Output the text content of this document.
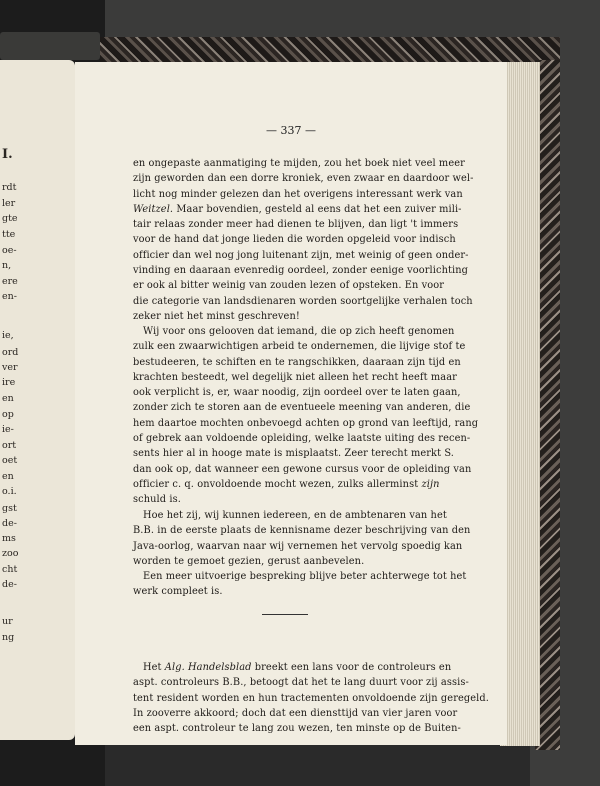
I.
rdt
ler
gte
tte
oe-
n,
ere
en-
ie,
ord
ver
ire
en
op
ie-
ort
oet
en
o.i.
gst
de-
ms
zoo
cht
de-
ur
ng
— 337 —
en ongepaste aanmatiging te mijden, zou het boek niet veel meer
zijn geworden dan een dorre kroniek, even zwaar en daardoor wel-
licht nog minder gelezen dan het overigens interessant werk van
Weitzel. Maar bovendien, gesteld al eens dat het een zuiver mili-
tair relaas zonder meer had dienen te blijven, dan ligt 't immers
voor de hand dat jonge lieden die worden opgeleid voor indisch
officier dan wel nog jong luitenant zijn, met weinig of geen onder-
vinding en daaraan evenredig oordeel, zonder eenige voorlichting
er ook al bitter weinig van zouden lezen of opsteken. En voor
die categorie van landsdienaren worden soortgelijke verhalen toch
zeker niet het minst geschreven!
Wij voor ons gelooven dat iemand, die op zich heeft genomen
zulk een zwaarwichtigen arbeid te ondernemen, die lijvige stof te
bestudeeren, te schiften en te rangschikken, daaraan zijn tijd en
krachten besteedt, wel degelijk niet alleen het recht heeft maar
ook verplicht is, er, waar noodig, zijn oordeel over te laten gaan,
zonder zich te storen aan de eventueele meening van anderen, die
hem daartoe mochten onbevoegd achten op grond van leeftijd, rang
of gebrek aan voldoende opleiding, welke laatste uiting des recen-
sents hier al in hooge mate is misplaatst. Zeer terecht merkt S.
dan ook op, dat wanneer een gewone cursus voor de opleiding van
officier c. q. onvoldoende mocht wezen, zulks allerminst zijn
schuld is.
Hoe het zij, wij kunnen iedereen, en de ambtenaren van het
B.B. in de eerste plaats de kennisname dezer beschrijving van den
Java-oorlog, waarvan naar wij vernemen het vervolg spoedig kan
worden te gemoet gezien, gerust aanbevelen.
Een meer uitvoerige bespreking blijve beter achterwege tot het
werk compleet is.
Het Alg. Handelsblad breekt een lans voor de controleurs en
aspt. controleurs B.B., betoogt dat het te lang duurt voor zij assis-
tent resident worden en hun tractementen onvoldoende zijn geregeld.
In zooverre akkoord; doch dat een diensttijd van vier jaren voor
een aspt. controleur te lang zou wezen, ten minste op de Buiten-
